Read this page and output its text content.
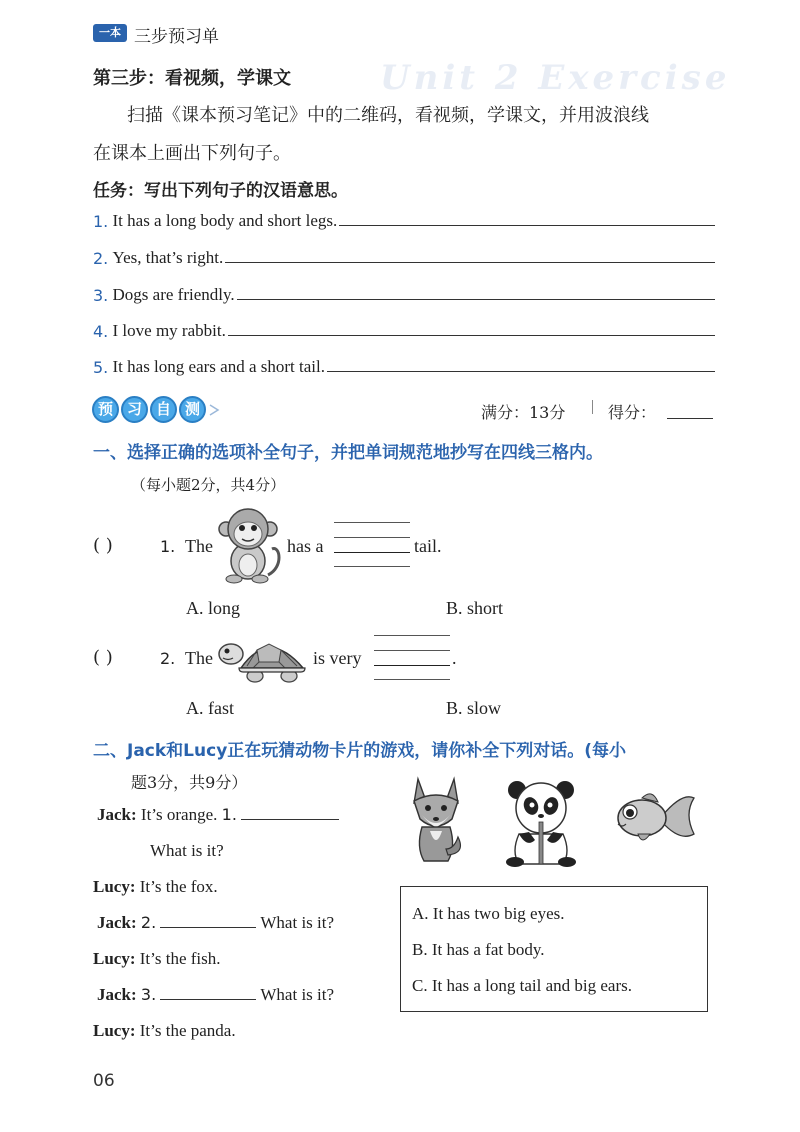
一本 三步预习单
Unit 2 Exercise
第三步：看视频，学课文
扫描《课本预习笔记》中的二维码，看视频，学课文，并用波浪线
在课本上画出下列句子。
任务：写出下列句子的汉语意思。
1.
It has a long body and short legs.
2.
Yes, that’s right.
3.
Dogs are friendly.
4.
I love my rabbit.
5.
It has long ears and a short tail.
预 习 自 测	满分：13分	得分：
一、选择正确的选项补全句子，并把单词规范地抄写在四线三格内。
（每小题2分，共4分）
( )	1. The	has a	tail.
A. long	B. short
( )	2. The	is very	.
A. fast	B. slow
二、Jack和Lucy正在玩猜动物卡片的游戏，请你补全下列对话。(每小
题3分，共9分）
Jack: It’s orange. 1.
What is it?
Lucy: It’s the fox.
Jack: 2.	What is it?
Lucy: It’s the fish.
Jack: 3.	What is it?
Lucy: It’s the panda.
A. It has two big eyes.
B. It has a fat body.
C. It has a long tail and big ears.
06
